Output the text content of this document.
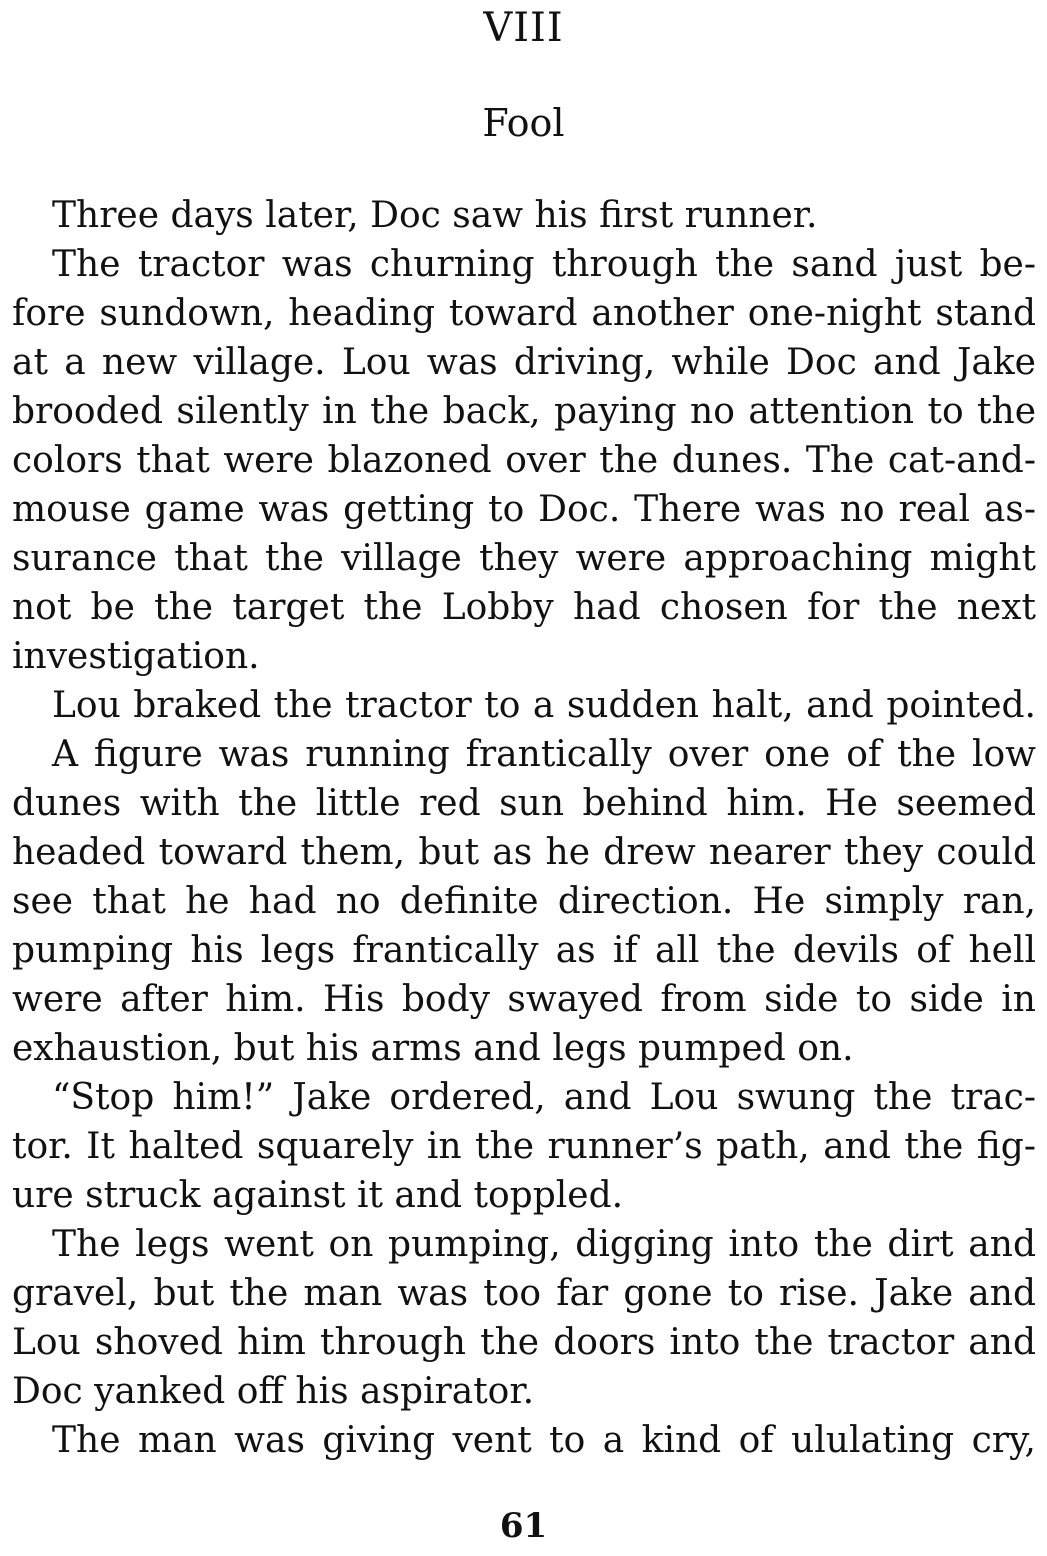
VIII
Fool

Three days later, Doc saw his first runner.

The tractor was churning through the sand just be-
fore sundown, heading toward another one-night stand
at a new village. Lou was driving, while Doc and Jake
brooded silently in the back, paying no attention to the
colors that were blazoned over the dunes. The cat-and-
mouse game was getting to Doc. There was no real as-
surance that the village they were approaching might
not be the target the Lobby had chosen for the next
investigation.

Lou braked the tractor to a sudden halt, and pointed.

A figure was running frantically over one of the low
dunes with the little red sun behind him. He seemed
headed toward them, but as he drew nearer they could
see that he had no definite direction. He simply ran,
pumping his legs frantically as if all the devils of hell
were after him. His body swayed from side to side in
exhaustion, but his arms and legs pumped on.

“Stop him!” Jake ordered, and Lou swung the trac-
tor. It halted squarely in the runner’s path, and the fig-
ure struck against it and toppled.

The legs went on pumping, digging into the dirt and
gravel, but the man was too far gone to rise. Jake and
Lou shoved him through the doors into the tractor and
Doc yanked off his aspirator.

The man was giving vent to a kind of ululating cry,

61
